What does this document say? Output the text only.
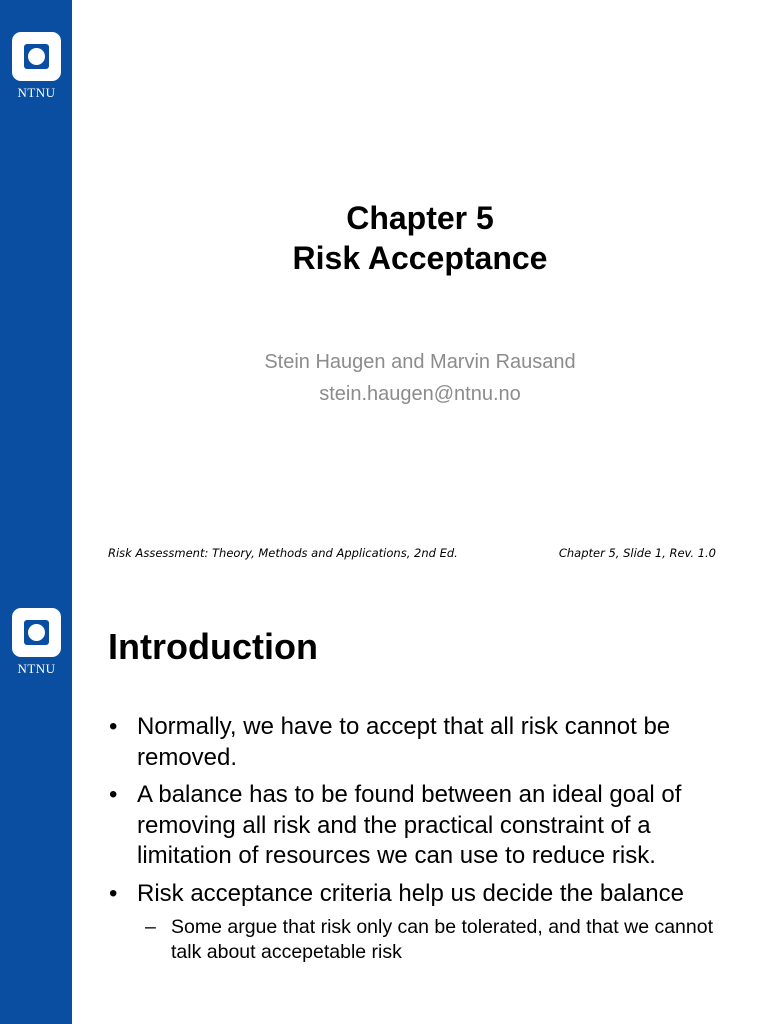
NTNU
Chapter 5
Risk Acceptance
Stein Haugen and Marvin Rausand
stein.haugen@ntnu.no
Risk Assessment: Theory, Methods and Applications, 2nd Ed.	Chapter 5, Slide 1, Rev. 1.0
NTNU
Introduction
• Normally, we have to accept that all risk cannot be removed.
• A balance has to be found between an ideal goal of removing all risk and the practical constraint of a limitation of resources we can use to reduce risk.
• Risk acceptance criteria help us decide the balance
– Some argue that risk only can be tolerated, and that we cannot talk about accepetable risk
